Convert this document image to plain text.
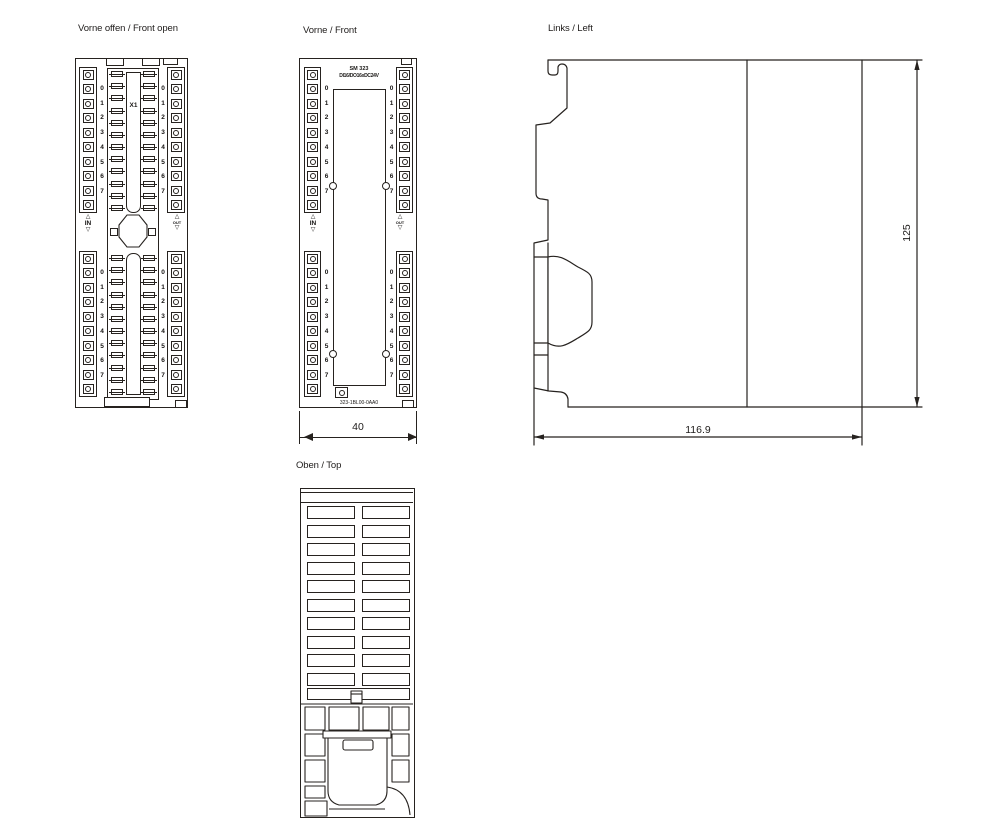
Vorne offen / Front open	Vorne / Front	Links / Left
Oben / Top
0
1
2
3
4
5
6
7
0
1
2
3
4
5
6
7
0
1
2
3
4
5
6
7
0
1
2
3
4
5
6
7
X1
△
IN
▽
△
OUT
▽
0
1
2
3
4
5
6
7
0
1
2
3
4
5
6
7
0
1
2
3
4
5
6
7
0
1
2
3
4
5
6
7
SM 323
DI16/DO16xDC24V
△
IN
▽
△
OUT
▽
323-1BL00-0AA0
40	116.9
125
